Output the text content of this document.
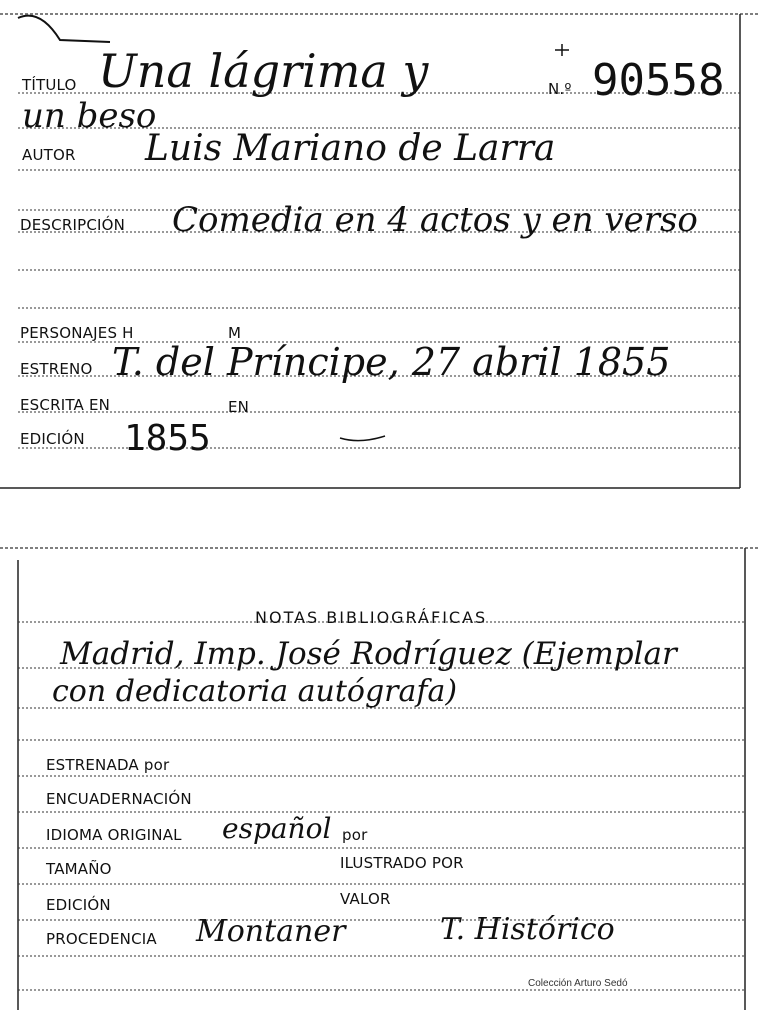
TÍTULO Una lágrima y	N.º 90558
un beso
AUTOR Luis Mariano de Larra
DESCRIPCIÓN Comedia en 4 actos y en verso
PERSONAJES H	M
ESTRENO T. del Príncipe, 27 abril 1855
ESCRITA EN	EN
EDICIÓN 1855
NOTAS BIBLIOGRÁFICAS
Madrid, Imp. José Rodríguez (Ejemplar
con dedicatoria autógrafa)
ESTRENADA por
ENCUADERNACIÓN
IDIOMA ORIGINAL español por
TAMAÑO	ILUSTRADO POR
EDICIÓN	VALOR
PROCEDENCIA Montaner	T. Histórico
Colección Arturo Sedó
